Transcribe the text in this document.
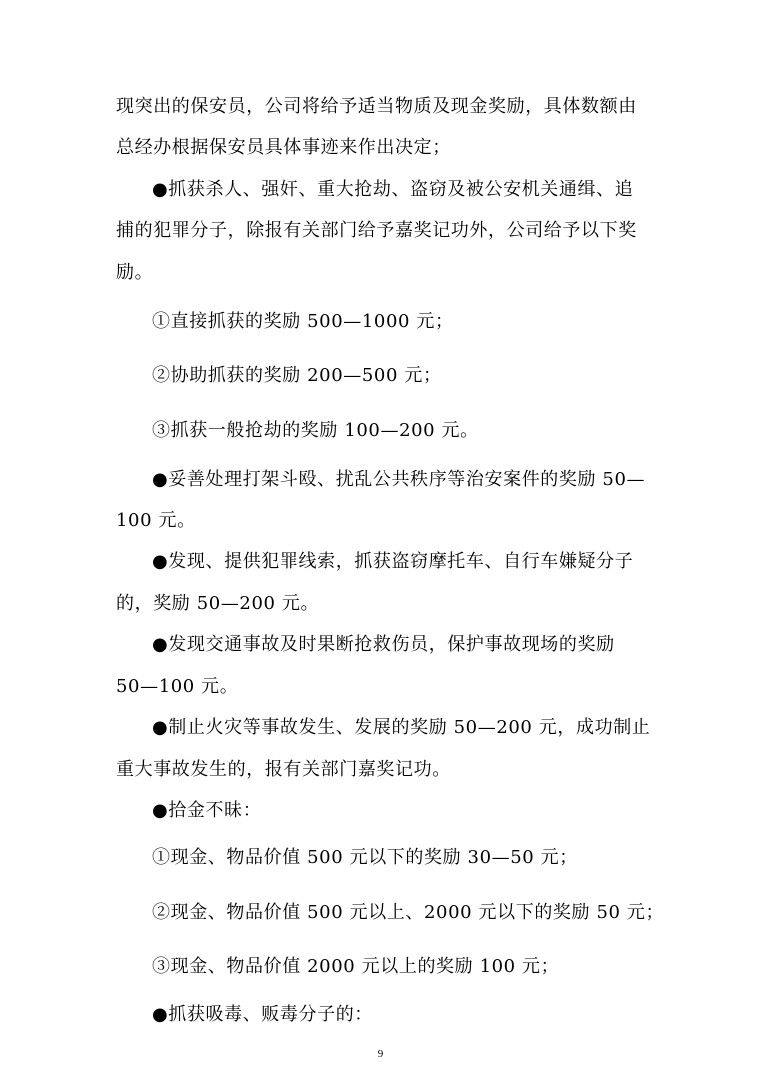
现突出的保安员，公司将给予适当物质及现金奖励，具体数额由
总经办根据保安员具体事迹来作出决定；
●抓获杀人、强奸、重大抢劫、盗窃及被公安机关通缉、追
捕的犯罪分子，除报有关部门给予嘉奖记功外，公司给予以下奖
励。
①直接抓获的奖励 500—1000 元；
②协助抓获的奖励 200—500 元；
③抓获一般抢劫的奖励 100—200 元。
●妥善处理打架斗殴、扰乱公共秩序等治安案件的奖励 50—
100 元。
●发现、提供犯罪线索，抓获盗窃摩托车、自行车嫌疑分子
的，奖励 50—200 元。
●发现交通事故及时果断抢救伤员，保护事故现场的奖励
50—100 元。
●制止火灾等事故发生、发展的奖励 50—200 元，成功制止
重大事故发生的，报有关部门嘉奖记功。
●拾金不昧：
①现金、物品价值 500 元以下的奖励 30—50 元；
②现金、物品价值 500 元以上、2000 元以下的奖励 50 元；
③现金、物品价值 2000 元以上的奖励 100 元；
●抓获吸毒、贩毒分子的：
9
